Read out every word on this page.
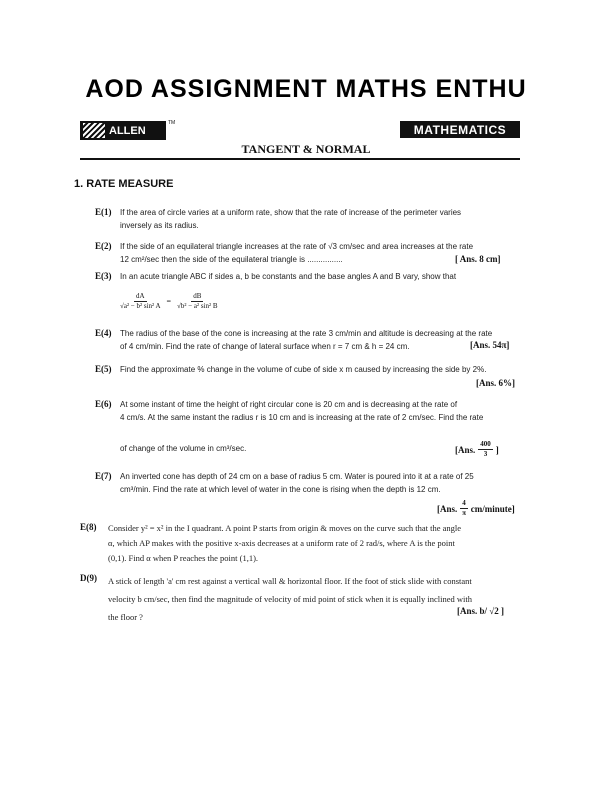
AOD ASSIGNMENT MATHS ENTHU
ALLEN
TM	MATHEMATICS
TANGENT & NORMAL
1. RATE MEASURE
E(1) If the area of circle varies at a uniform rate, show that the rate of increase of the perimeter varies
inversely as its radius.
E(2) If the side of an equilateral triangle increases at the rate of √3 cm/sec and area increases at the rate
12 cm²/sec then the side of the equilateral triangle is ................	[ Ans. 8 cm]
E(3) In an acute triangle ABC if sides a, b be constants and the base angles A and B vary, show that
$\frac{dA}{\text{√a² − b² sin² A}} = \frac{dB}{\text{√b² − a² sin² B}}$
E(4) The radius of the base of the cone is increasing at the rate 3 cm/min and altitude is decreasing at the rate
of 4 cm/min. Find the rate of change of lateral surface when r = 7 cm & h = 24 cm.	[Ans. 54π]
E(5) Find the approximate % change in the volume of cube of side x m caused by increasing the side by 2%.
[Ans. 6%]
E(6) At some instant of time the height of right circular cone is 20 cm and is decreasing at the rate of
4 cm/s. At the same instant the radius r is 10 cm and is increasing at the rate of 2 cm/sec. Find the rate
of change of the volume in cm³/sec.	[Ans. $\frac{400}{3}$ ]
E(7) An inverted cone has depth of 24 cm on a base of radius 5 cm. Water is poured into it at a rate of 25
cm³/min. Find the rate at which level of water in the cone is rising when the depth is 12 cm.
[Ans. $\frac{4}{\pi}$ cm/minute]
E(8) Consider y² = x² in the I quadrant. A point P starts from origin & moves on the curve such that the angle
α, which AP makes with the positive x-axis decreases at a uniform rate of 2 rad/s, where A is the point
(0,1). Find α when P reaches the point (1,1).
D(9) A stick of length 'a' cm rest against a vertical wall & horizontal floor. If the foot of stick slide with constant
velocity b cm/sec, then find the magnitude of velocity of mid point of stick when it is equally inclined with
the floor ?
[Ans. b/ √2 ]
